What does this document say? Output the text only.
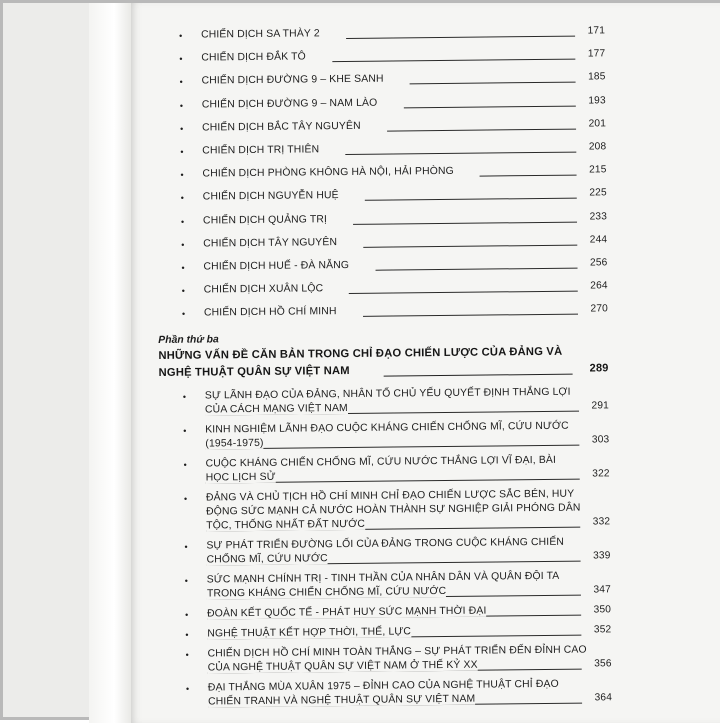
•	CHIẾN DỊCH SA THÀY 2	171
•	CHIẾN DỊCH ĐẮK TÔ	177
•	CHIẾN DỊCH ĐƯỜNG 9 – KHE SANH	185
•	CHIẾN DỊCH ĐƯỜNG 9 – NAM LÀO	193
•	CHIẾN DỊCH BẮC TÂY NGUYÊN	201
•	CHIẾN DỊCH TRỊ THIÊN	208
•	CHIẾN DỊCH PHÒNG KHÔNG HÀ NỘI, HẢI PHÒNG	215
•	CHIẾN DỊCH NGUYỄN HUỆ	225
•	CHIẾN DỊCH QUẢNG TRỊ	233
•	CHIẾN DỊCH TÂY NGUYÊN	244
•	CHIẾN DỊCH HUẾ - ĐÀ NẴNG	256
•	CHIẾN DỊCH XUÂN LỘC	264
•	CHIẾN DỊCH HỒ CHÍ MINH	270
Phần thứ ba
NHỮNG VẤN ĐỀ CĂN BẢN TRONG CHỈ ĐẠO CHIẾN LƯỢC CỦA ĐẢNG VÀ
NGHỆ THUẬT QUÂN SỰ VIỆT NAM	289
•	SỰ LÃNH ĐẠO CỦA ĐẢNG, NHÂN TỐ CHỦ YẾU QUYẾT ĐỊNH THẮNG LỢI
CỦA CÁCH MẠNG VIỆT NAM	291
•	KINH NGHIỆM LÃNH ĐẠO CUỘC KHÁNG CHIẾN CHỐNG MĨ, CỨU NƯỚC
(1954-1975)	303
•	CUỘC KHÁNG CHIẾN CHỐNG MĨ, CỨU NƯỚC THẮNG LỢI VĨ ĐẠI, BÀI
HỌC LỊCH SỬ	322
•	ĐẢNG VÀ CHỦ TỊCH HỒ CHÍ MINH CHỈ ĐẠO CHIẾN LƯỢC SẮC BÉN, HUY
ĐỘNG SỨC MẠNH CẢ NƯỚC HOÀN THÀNH SỰ NGHIỆP GIẢI PHÓNG DÂN
TỘC, THỐNG NHẤT ĐẤT NƯỚC	332
•	SỰ PHÁT TRIỂN ĐƯỜNG LỐI CỦA ĐẢNG TRONG CUỘC KHÁNG CHIẾN
CHỐNG MĨ, CỨU NƯỚC	339
•	SỨC MẠNH CHÍNH TRỊ - TINH THẦN CỦA NHÂN DÂN VÀ QUÂN ĐỘI TA
TRONG KHÁNG CHIẾN CHỐNG MĨ, CỨU NƯỚC	347
•	ĐOÀN KẾT QUỐC TẾ - PHÁT HUY SỨC MẠNH THỜI ĐẠI	350
•	NGHỆ THUẬT KẾT HỢP THỜI, THẾ, LỰC	352
•	CHIẾN DỊCH HỒ CHÍ MINH TOÀN THẮNG – SỰ PHÁT TRIỂN ĐẾN ĐỈNH CAO
CỦA NGHỆ THUẬT QUÂN SỰ VIỆT NAM Ở THẾ KỶ XX	356
•	ĐẠI THẮNG MÙA XUÂN 1975 – ĐỈNH CAO CỦA NGHỆ THUẬT CHỈ ĐẠO
CHIẾN TRANH VÀ NGHỆ THUẬT QUÂN SỰ VIỆT NAM	364
